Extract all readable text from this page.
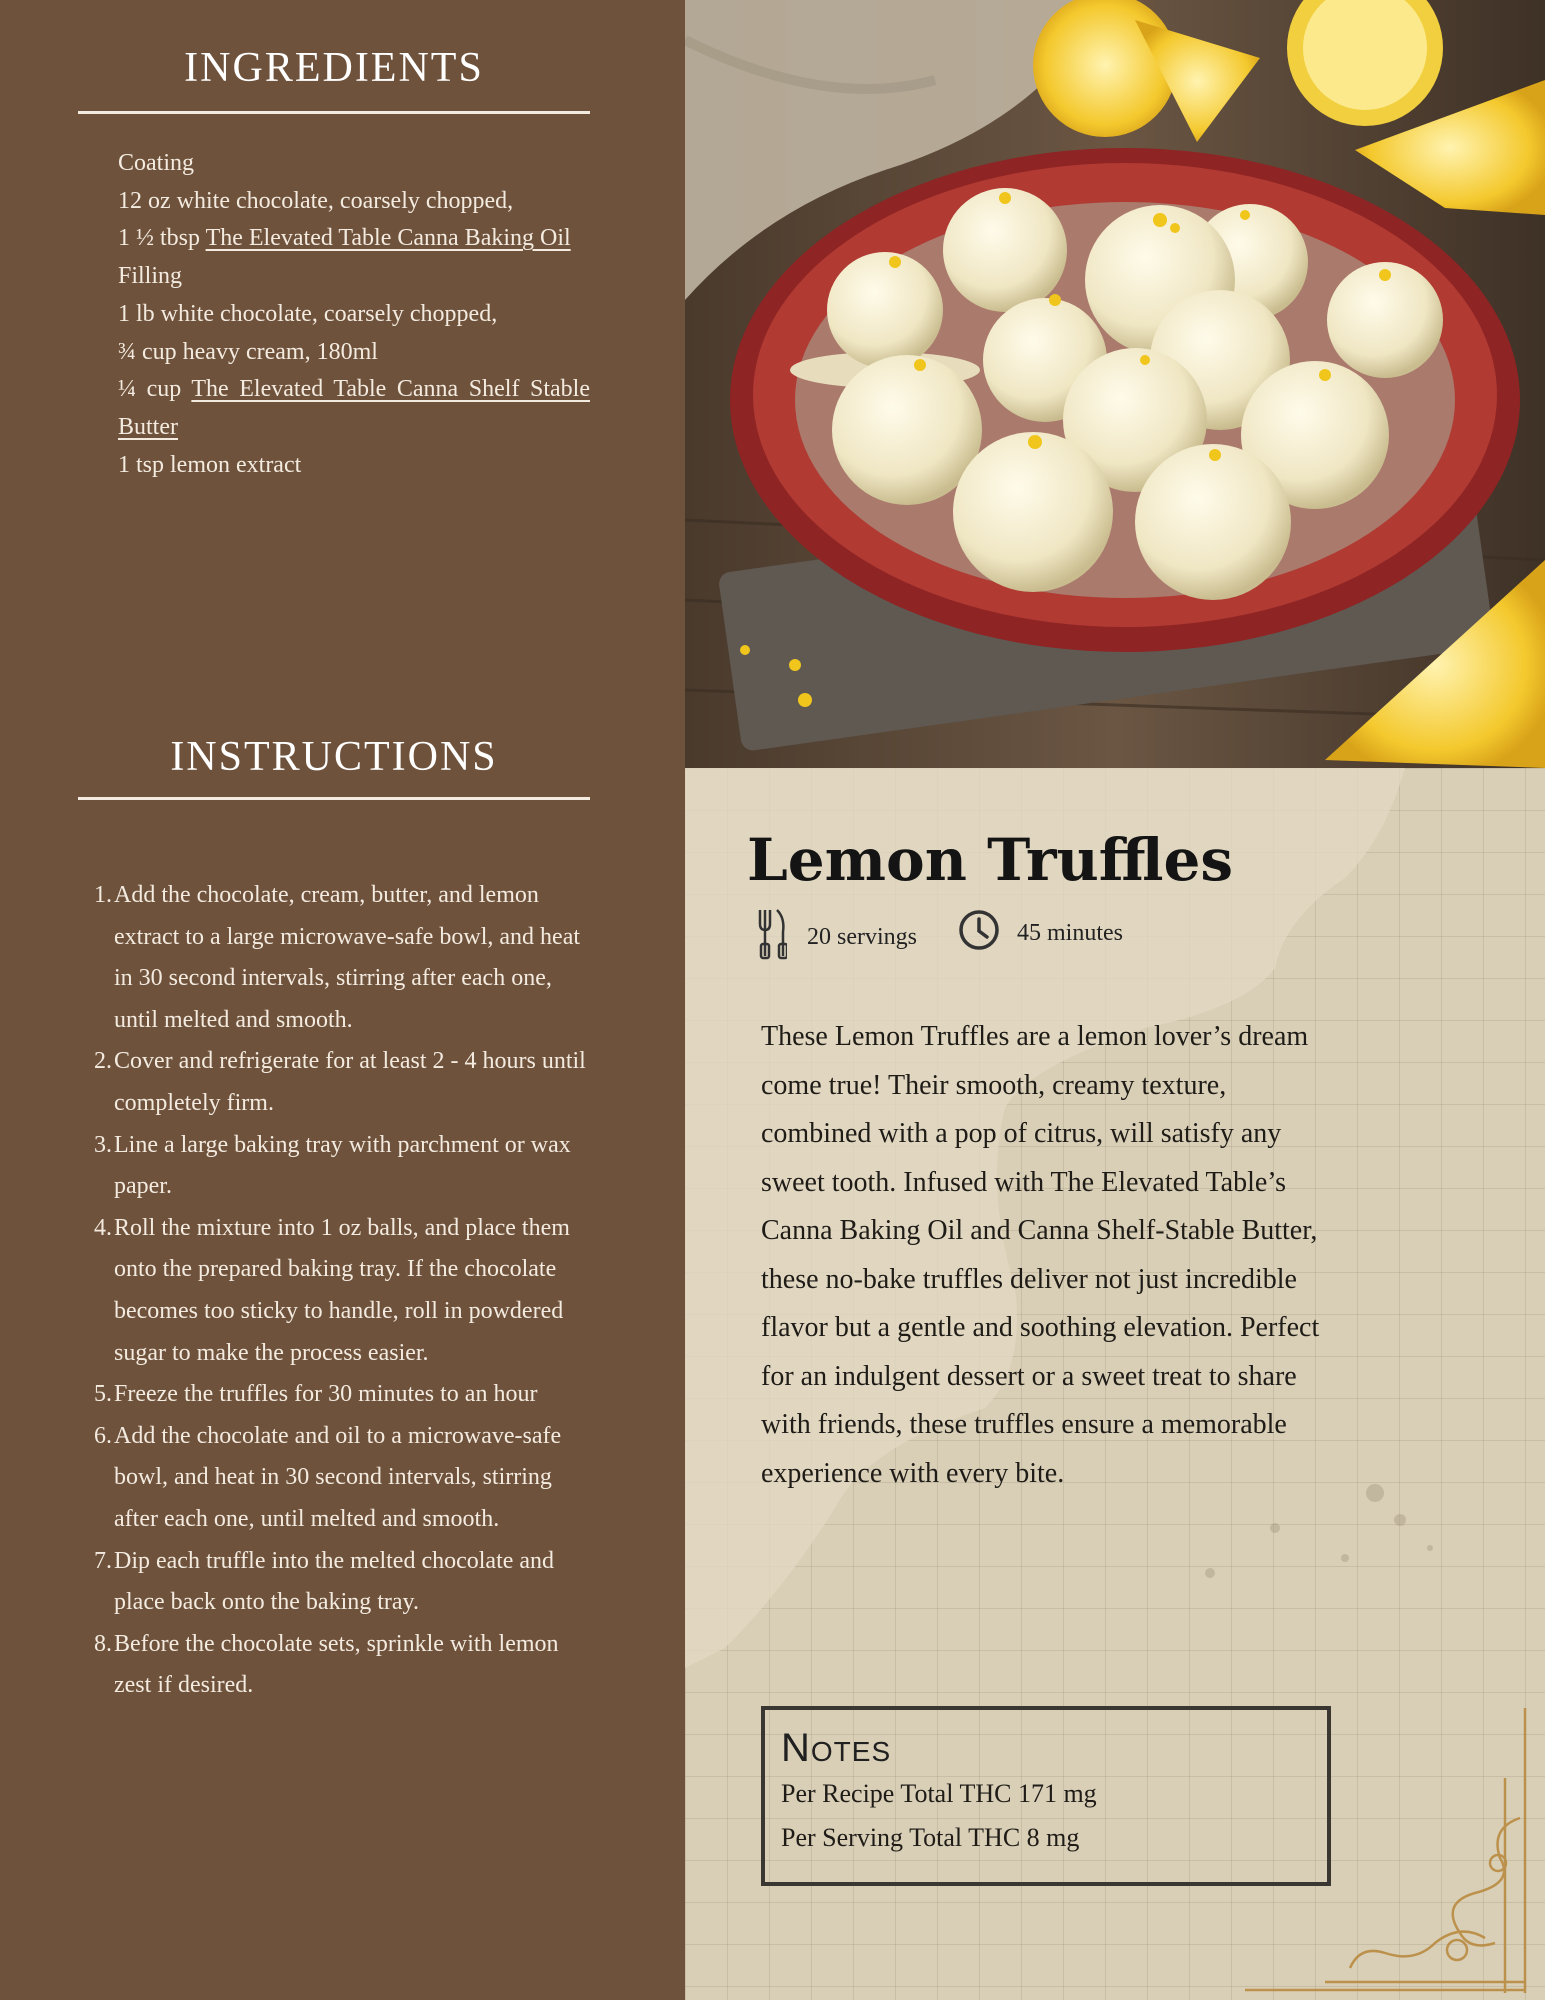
INGREDIENTS
Coating
12 oz white chocolate, coarsely chopped,
1 ½ tbsp The Elevated Table Canna Baking Oil
Filling
1 lb white chocolate, coarsely chopped,
¾ cup heavy cream, 180ml
¼ cup The Elevated Table Canna Shelf Stable Butter
1 tsp lemon extract
INSTRUCTIONS
1. Add the chocolate, cream, butter, and lemon extract to a large microwave-safe bowl, and heat in 30 second intervals, stirring after each one, until melted and smooth.
2. Cover and refrigerate for at least 2 - 4 hours until completely firm.
3. Line a large baking tray with parchment or wax paper.
4. Roll the mixture into 1 oz balls, and place them onto the prepared baking tray. If the chocolate becomes too sticky to handle, roll in powdered sugar to make the process easier.
5. Freeze the truffles for 30 minutes to an hour
6. Add the chocolate and oil to a microwave-safe bowl, and heat in 30 second intervals, stirring after each one, until melted and smooth.
7. Dip each truffle into the melted chocolate and place back onto the baking tray.
8. Before the chocolate sets, sprinkle with lemon zest if desired.
Lemon Truffles
20 servings	45 minutes
These Lemon Truffles are a lemon lover’s dream come true! Their smooth, creamy texture, combined with a pop of citrus, will satisfy any sweet tooth. Infused with The Elevated Table’s Canna Baking Oil and Canna Shelf-Stable Butter, these no-bake truffles deliver not just incredible flavor but a gentle and soothing elevation. Perfect for an indulgent dessert or a sweet treat to share with friends, these truffles ensure a memorable experience with every bite.
Notes
Per Recipe Total THC 171 mg
Per Serving Total THC 8 mg
